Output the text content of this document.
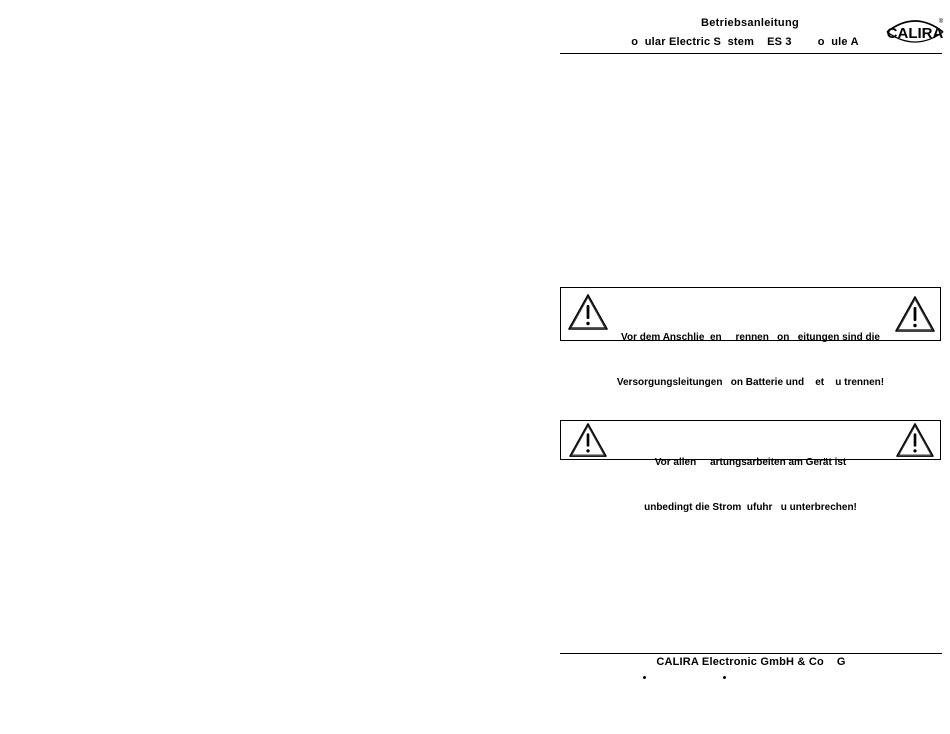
Betriebsanleitung
o  ular Electric S  stem    ES 3        o  ule A	CALIRA
®

Vor dem Anschlie  en     rennen   on   eitungen sind die

Versorgungsleitungen   on Batterie und    et    u trennen!

Vor allen     artungsarbeiten am Gerät ist

unbedingt die Strom  ufuhr   u unterbrechen!

CALIRA Electronic GmbH & Co    G
